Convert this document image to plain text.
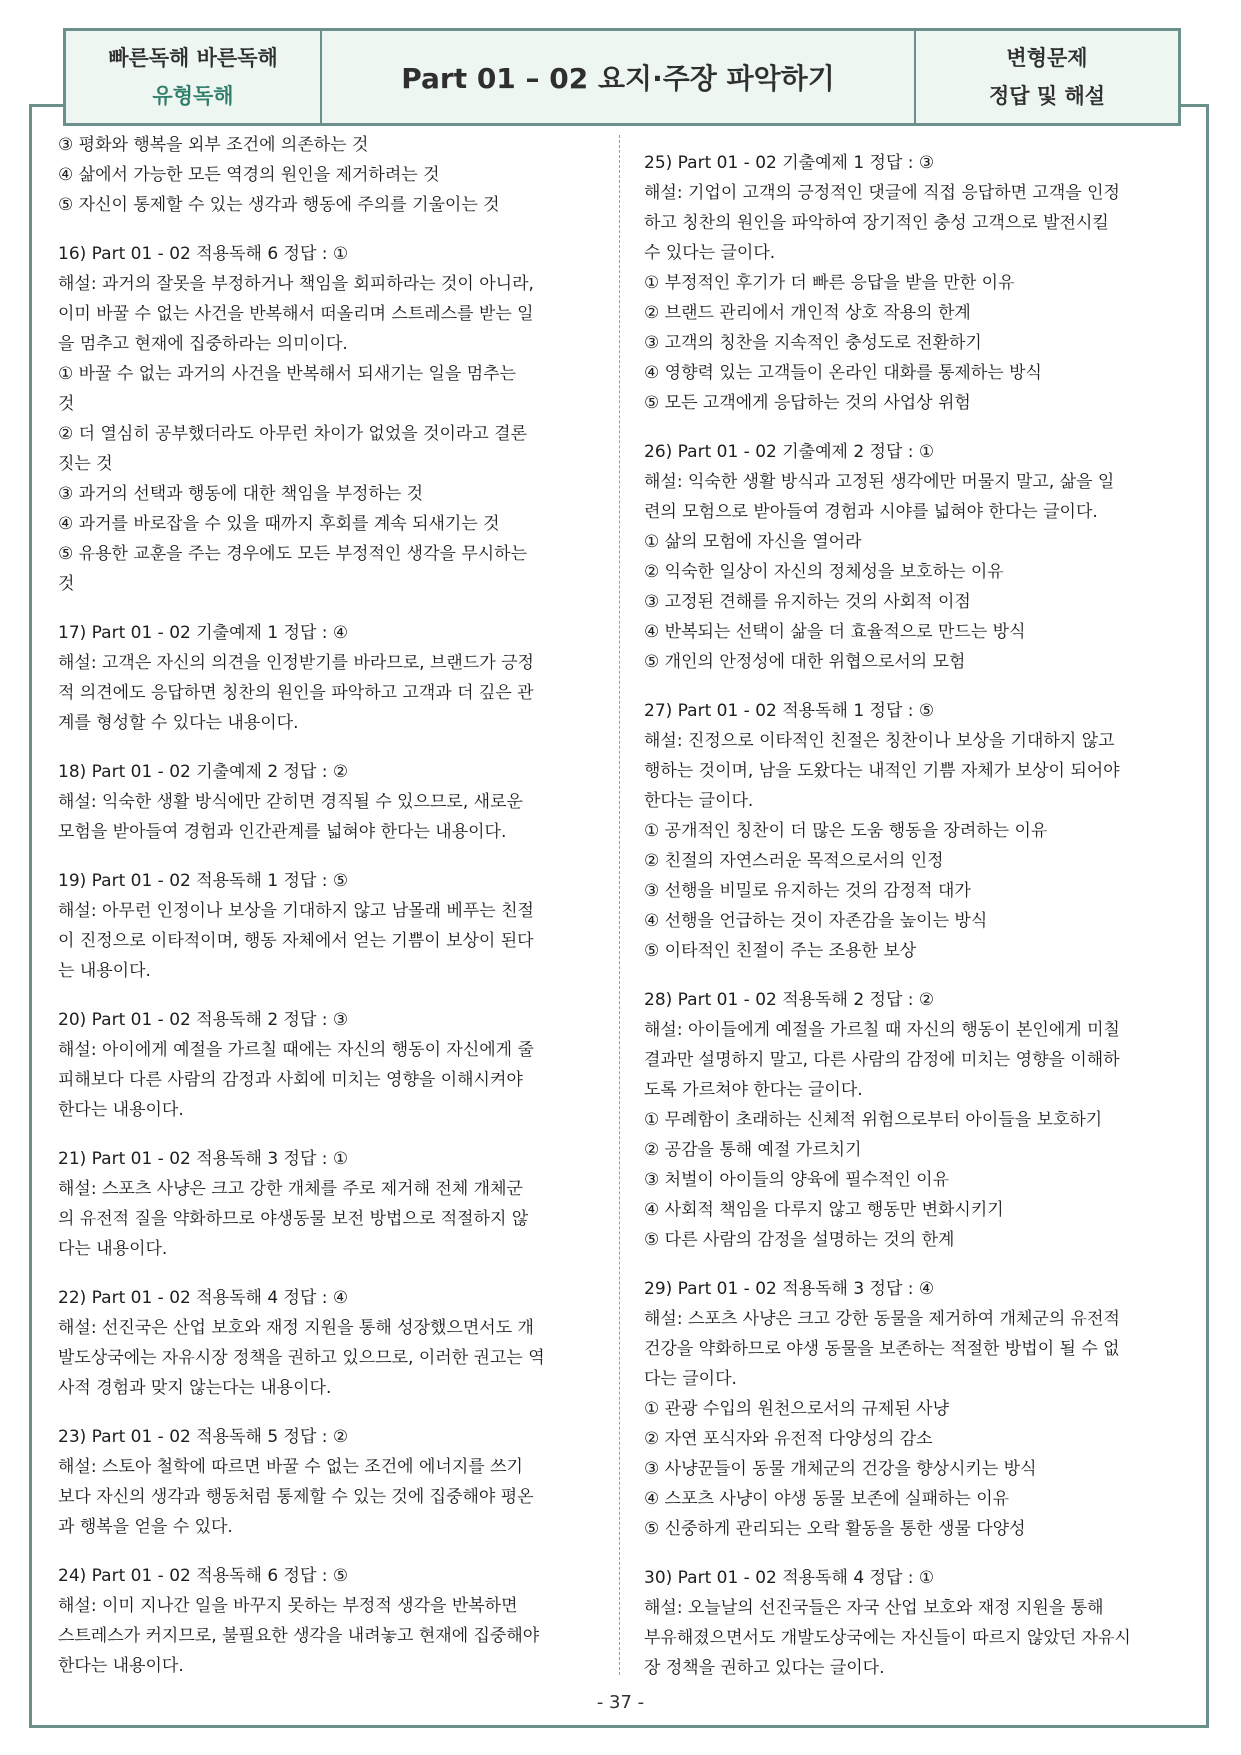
빠른독해 바른독해
유형독해
Part 01 – 02 요지·주장 파악하기
변형문제
정답 및 해설
③ 평화와 행복을 외부 조건에 의존하는 것
④ 삶에서 가능한 모든 역경의 원인을 제거하려는 것
⑤ 자신이 통제할 수 있는 생각과 행동에 주의를 기울이는 것
16) Part 01 - 02 적용독해 6 정답 : ①
해설: 과거의 잘못을 부정하거나 책임을 회피하라는 것이 아니라,
이미 바꿀 수 없는 사건을 반복해서 떠올리며 스트레스를 받는 일
을 멈추고 현재에 집중하라는 의미이다.
① 바꿀 수 없는 과거의 사건을 반복해서 되새기는 일을 멈추는
것
② 더 열심히 공부했더라도 아무런 차이가 없었을 것이라고 결론
짓는 것
③ 과거의 선택과 행동에 대한 책임을 부정하는 것
④ 과거를 바로잡을 수 있을 때까지 후회를 계속 되새기는 것
⑤ 유용한 교훈을 주는 경우에도 모든 부정적인 생각을 무시하는
것
17) Part 01 - 02 기출예제 1 정답 : ④
해설: 고객은 자신의 의견을 인정받기를 바라므로, 브랜드가 긍정
적 의견에도 응답하면 칭찬의 원인을 파악하고 고객과 더 깊은 관
계를 형성할 수 있다는 내용이다.
18) Part 01 - 02 기출예제 2 정답 : ②
해설: 익숙한 생활 방식에만 갇히면 경직될 수 있으므로, 새로운
모험을 받아들여 경험과 인간관계를 넓혀야 한다는 내용이다.
19) Part 01 - 02 적용독해 1 정답 : ⑤
해설: 아무런 인정이나 보상을 기대하지 않고 남몰래 베푸는 친절
이 진정으로 이타적이며, 행동 자체에서 얻는 기쁨이 보상이 된다
는 내용이다.
20) Part 01 - 02 적용독해 2 정답 : ③
해설: 아이에게 예절을 가르칠 때에는 자신의 행동이 자신에게 줄
피해보다 다른 사람의 감정과 사회에 미치는 영향을 이해시켜야
한다는 내용이다.
21) Part 01 - 02 적용독해 3 정답 : ①
해설: 스포츠 사냥은 크고 강한 개체를 주로 제거해 전체 개체군
의 유전적 질을 약화하므로 야생동물 보전 방법으로 적절하지 않
다는 내용이다.
22) Part 01 - 02 적용독해 4 정답 : ④
해설: 선진국은 산업 보호와 재정 지원을 통해 성장했으면서도 개
발도상국에는 자유시장 정책을 권하고 있으므로, 이러한 권고는 역
사적 경험과 맞지 않는다는 내용이다.
23) Part 01 - 02 적용독해 5 정답 : ②
해설: 스토아 철학에 따르면 바꿀 수 없는 조건에 에너지를 쓰기
보다 자신의 생각과 행동처럼 통제할 수 있는 것에 집중해야 평온
과 행복을 얻을 수 있다.
24) Part 01 - 02 적용독해 6 정답 : ⑤
해설: 이미 지나간 일을 바꾸지 못하는 부정적 생각을 반복하면
스트레스가 커지므로, 불필요한 생각을 내려놓고 현재에 집중해야
한다는 내용이다.
25) Part 01 - 02 기출예제 1 정답 : ③
해설: 기업이 고객의 긍정적인 댓글에 직접 응답하면 고객을 인정
하고 칭찬의 원인을 파악하여 장기적인 충성 고객으로 발전시킬
수 있다는 글이다.
① 부정적인 후기가 더 빠른 응답을 받을 만한 이유
② 브랜드 관리에서 개인적 상호 작용의 한계
③ 고객의 칭찬을 지속적인 충성도로 전환하기
④ 영향력 있는 고객들이 온라인 대화를 통제하는 방식
⑤ 모든 고객에게 응답하는 것의 사업상 위험
26) Part 01 - 02 기출예제 2 정답 : ①
해설: 익숙한 생활 방식과 고정된 생각에만 머물지 말고, 삶을 일
련의 모험으로 받아들여 경험과 시야를 넓혀야 한다는 글이다.
① 삶의 모험에 자신을 열어라
② 익숙한 일상이 자신의 정체성을 보호하는 이유
③ 고정된 견해를 유지하는 것의 사회적 이점
④ 반복되는 선택이 삶을 더 효율적으로 만드는 방식
⑤ 개인의 안정성에 대한 위협으로서의 모험
27) Part 01 - 02 적용독해 1 정답 : ⑤
해설: 진정으로 이타적인 친절은 칭찬이나 보상을 기대하지 않고
행하는 것이며, 남을 도왔다는 내적인 기쁨 자체가 보상이 되어야
한다는 글이다.
① 공개적인 칭찬이 더 많은 도움 행동을 장려하는 이유
② 친절의 자연스러운 목적으로서의 인정
③ 선행을 비밀로 유지하는 것의 감정적 대가
④ 선행을 언급하는 것이 자존감을 높이는 방식
⑤ 이타적인 친절이 주는 조용한 보상
28) Part 01 - 02 적용독해 2 정답 : ②
해설: 아이들에게 예절을 가르칠 때 자신의 행동이 본인에게 미칠
결과만 설명하지 말고, 다른 사람의 감정에 미치는 영향을 이해하
도록 가르쳐야 한다는 글이다.
① 무례함이 초래하는 신체적 위험으로부터 아이들을 보호하기
② 공감을 통해 예절 가르치기
③ 처벌이 아이들의 양육에 필수적인 이유
④ 사회적 책임을 다루지 않고 행동만 변화시키기
⑤ 다른 사람의 감정을 설명하는 것의 한계
29) Part 01 - 02 적용독해 3 정답 : ④
해설: 스포츠 사냥은 크고 강한 동물을 제거하여 개체군의 유전적
건강을 약화하므로 야생 동물을 보존하는 적절한 방법이 될 수 없
다는 글이다.
① 관광 수입의 원천으로서의 규제된 사냥
② 자연 포식자와 유전적 다양성의 감소
③ 사냥꾼들이 동물 개체군의 건강을 향상시키는 방식
④ 스포츠 사냥이 야생 동물 보존에 실패하는 이유
⑤ 신중하게 관리되는 오락 활동을 통한 생물 다양성
30) Part 01 - 02 적용독해 4 정답 : ①
해설: 오늘날의 선진국들은 자국 산업 보호와 재정 지원을 통해
부유해졌으면서도 개발도상국에는 자신들이 따르지 않았던 자유시
장 정책을 권하고 있다는 글이다.
- 37 -
